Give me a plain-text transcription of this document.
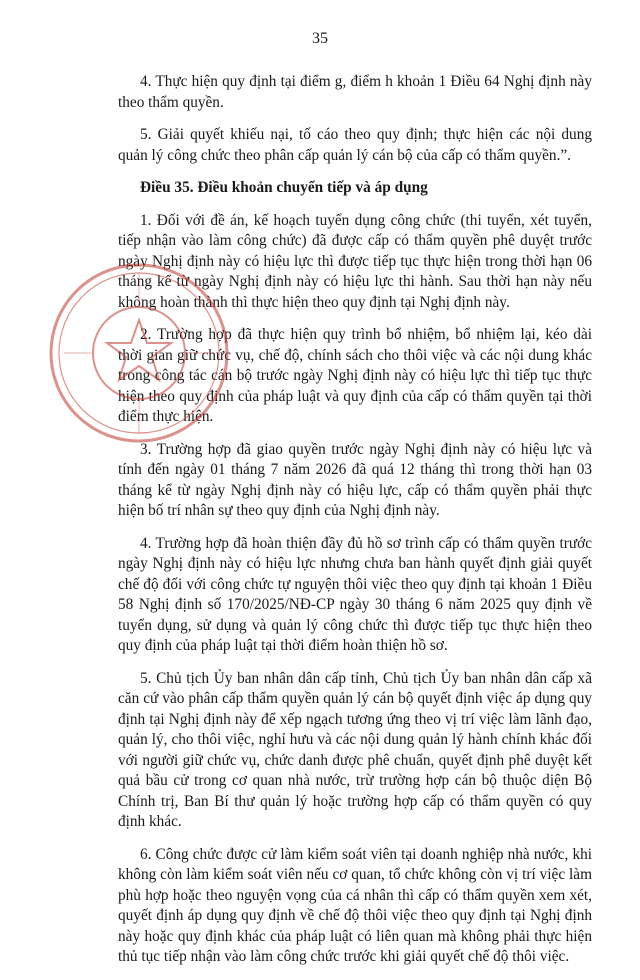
35

4. Thực hiện quy định tại điểm g, điểm h khoản 1 Điều 64 Nghị định này theo thẩm quyền.

5. Giải quyết khiếu nại, tố cáo theo quy định; thực hiện các nội dung quản lý công chức theo phân cấp quản lý cán bộ của cấp có thẩm quyền.”.

Điều 35. Điều khoản chuyển tiếp và áp dụng

1. Đối với đề án, kế hoạch tuyển dụng công chức (thi tuyển, xét tuyển, tiếp nhận vào làm công chức) đã được cấp có thẩm quyền phê duyệt trước ngày Nghị định này có hiệu lực thì được tiếp tục thực hiện trong thời hạn 06 tháng kể từ ngày Nghị định này có hiệu lực thi hành. Sau thời hạn này nếu không hoàn thành thì thực hiện theo quy định tại Nghị định này.

2. Trường hợp đã thực hiện quy trình bổ nhiệm, bổ nhiệm lại, kéo dài thời gian giữ chức vụ, chế độ, chính sách cho thôi việc và các nội dung khác trong công tác cán bộ trước ngày Nghị định này có hiệu lực thì tiếp tục thực hiện theo quy định của pháp luật và quy định của cấp có thẩm quyền tại thời điểm thực hiện.

3. Trường hợp đã giao quyền trước ngày Nghị định này có hiệu lực và tính đến ngày 01 tháng 7 năm 2026 đã quá 12 tháng thì trong thời hạn 03 tháng kể từ ngày Nghị định này có hiệu lực, cấp có thẩm quyền phải thực hiện bố trí nhân sự theo quy định của Nghị định này.

4. Trường hợp đã hoàn thiện đầy đủ hồ sơ trình cấp có thẩm quyền trước ngày Nghị định này có hiệu lực nhưng chưa ban hành quyết định giải quyết chế độ đối với công chức tự nguyện thôi việc theo quy định tại khoản 1 Điều 58 Nghị định số 170/2025/NĐ-CP ngày 30 tháng 6 năm 2025 quy định về tuyển dụng, sử dụng và quản lý công chức thì được tiếp tục thực hiện theo quy định của pháp luật tại thời điểm hoàn thiện hồ sơ.

5. Chủ tịch Ủy ban nhân dân cấp tỉnh, Chủ tịch Ủy ban nhân dân cấp xã căn cứ vào phân cấp thẩm quyền quản lý cán bộ quyết định việc áp dụng quy định tại Nghị định này để xếp ngạch tương ứng theo vị trí việc làm lãnh đạo, quản lý, cho thôi việc, nghỉ hưu và các nội dung quản lý hành chính khác đối với người giữ chức vụ, chức danh được phê chuẩn, quyết định phê duyệt kết quả bầu cử trong cơ quan nhà nước, trừ trường hợp cán bộ thuộc diện Bộ Chính trị, Ban Bí thư quản lý hoặc trường hợp cấp có thẩm quyền có quy định khác.

6. Công chức được cử làm kiểm soát viên tại doanh nghiệp nhà nước, khi không còn làm kiểm soát viên nếu cơ quan, tổ chức không còn vị trí việc làm phù hợp hoặc theo nguyện vọng của cá nhân thì cấp có thẩm quyền xem xét, quyết định áp dụng quy định về chế độ thôi việc theo quy định tại Nghị định này hoặc quy định khác của pháp luật có liên quan mà không phải thực hiện thủ tục tiếp nhận vào làm công chức trước khi giải quyết chế độ thôi việc.
